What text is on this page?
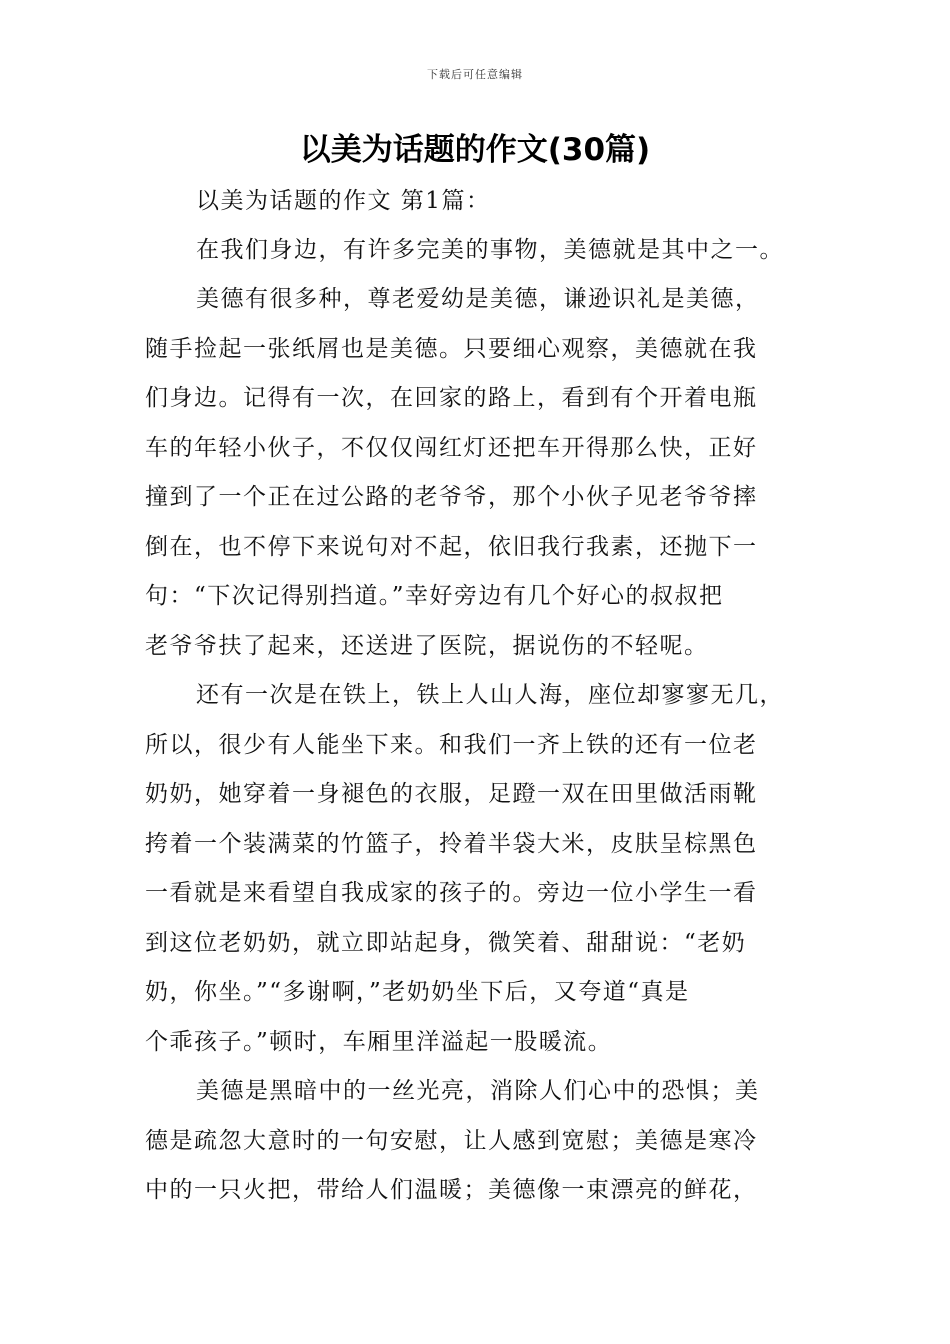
下载后可任意编辑
以美为话题的作文(30篇)
以美为话题的作文 第1篇：
在我们身边，有许多完美的事物，美德就是其中之一。
美德有很多种，尊老爱幼是美德，谦逊识礼是美德，
随手捡起一张纸屑也是美德。只要细心观察，美德就在我
们身边。记得有一次，在回家的路上，看到有个开着电瓶
车的年轻小伙子，不仅仅闯红灯还把车开得那么快，正好
撞到了一个正在过公路的老爷爷，那个小伙子见老爷爷摔
倒在，也不停下来说句对不起，依旧我行我素，还抛下一
句：“下次记得别挡道。”幸好旁边有几个好心的叔叔把
老爷爷扶了起来，还送进了医院，据说伤的不轻呢。
还有一次是在铁上，铁上人山人海，座位却寥寥无几，
所以，很少有人能坐下来。和我们一齐上铁的还有一位老
奶奶，她穿着一身褪色的衣服，足蹬一双在田里做活雨靴
挎着一个装满菜的竹篮子，拎着半袋大米，皮肤呈棕黑色
一看就是来看望自我成家的孩子的。旁边一位小学生一看
到这位老奶奶，就立即站起身，微笑着、甜甜说：“老奶
奶，你坐。”“多谢啊，”老奶奶坐下后，又夸道“真是
个乖孩子。”顿时，车厢里洋溢起一股暖流。
美德是黑暗中的一丝光亮，消除人们心中的恐惧；美
德是疏忽大意时的一句安慰，让人感到宽慰；美德是寒冷
中的一只火把，带给人们温暖；美德像一束漂亮的鲜花，
